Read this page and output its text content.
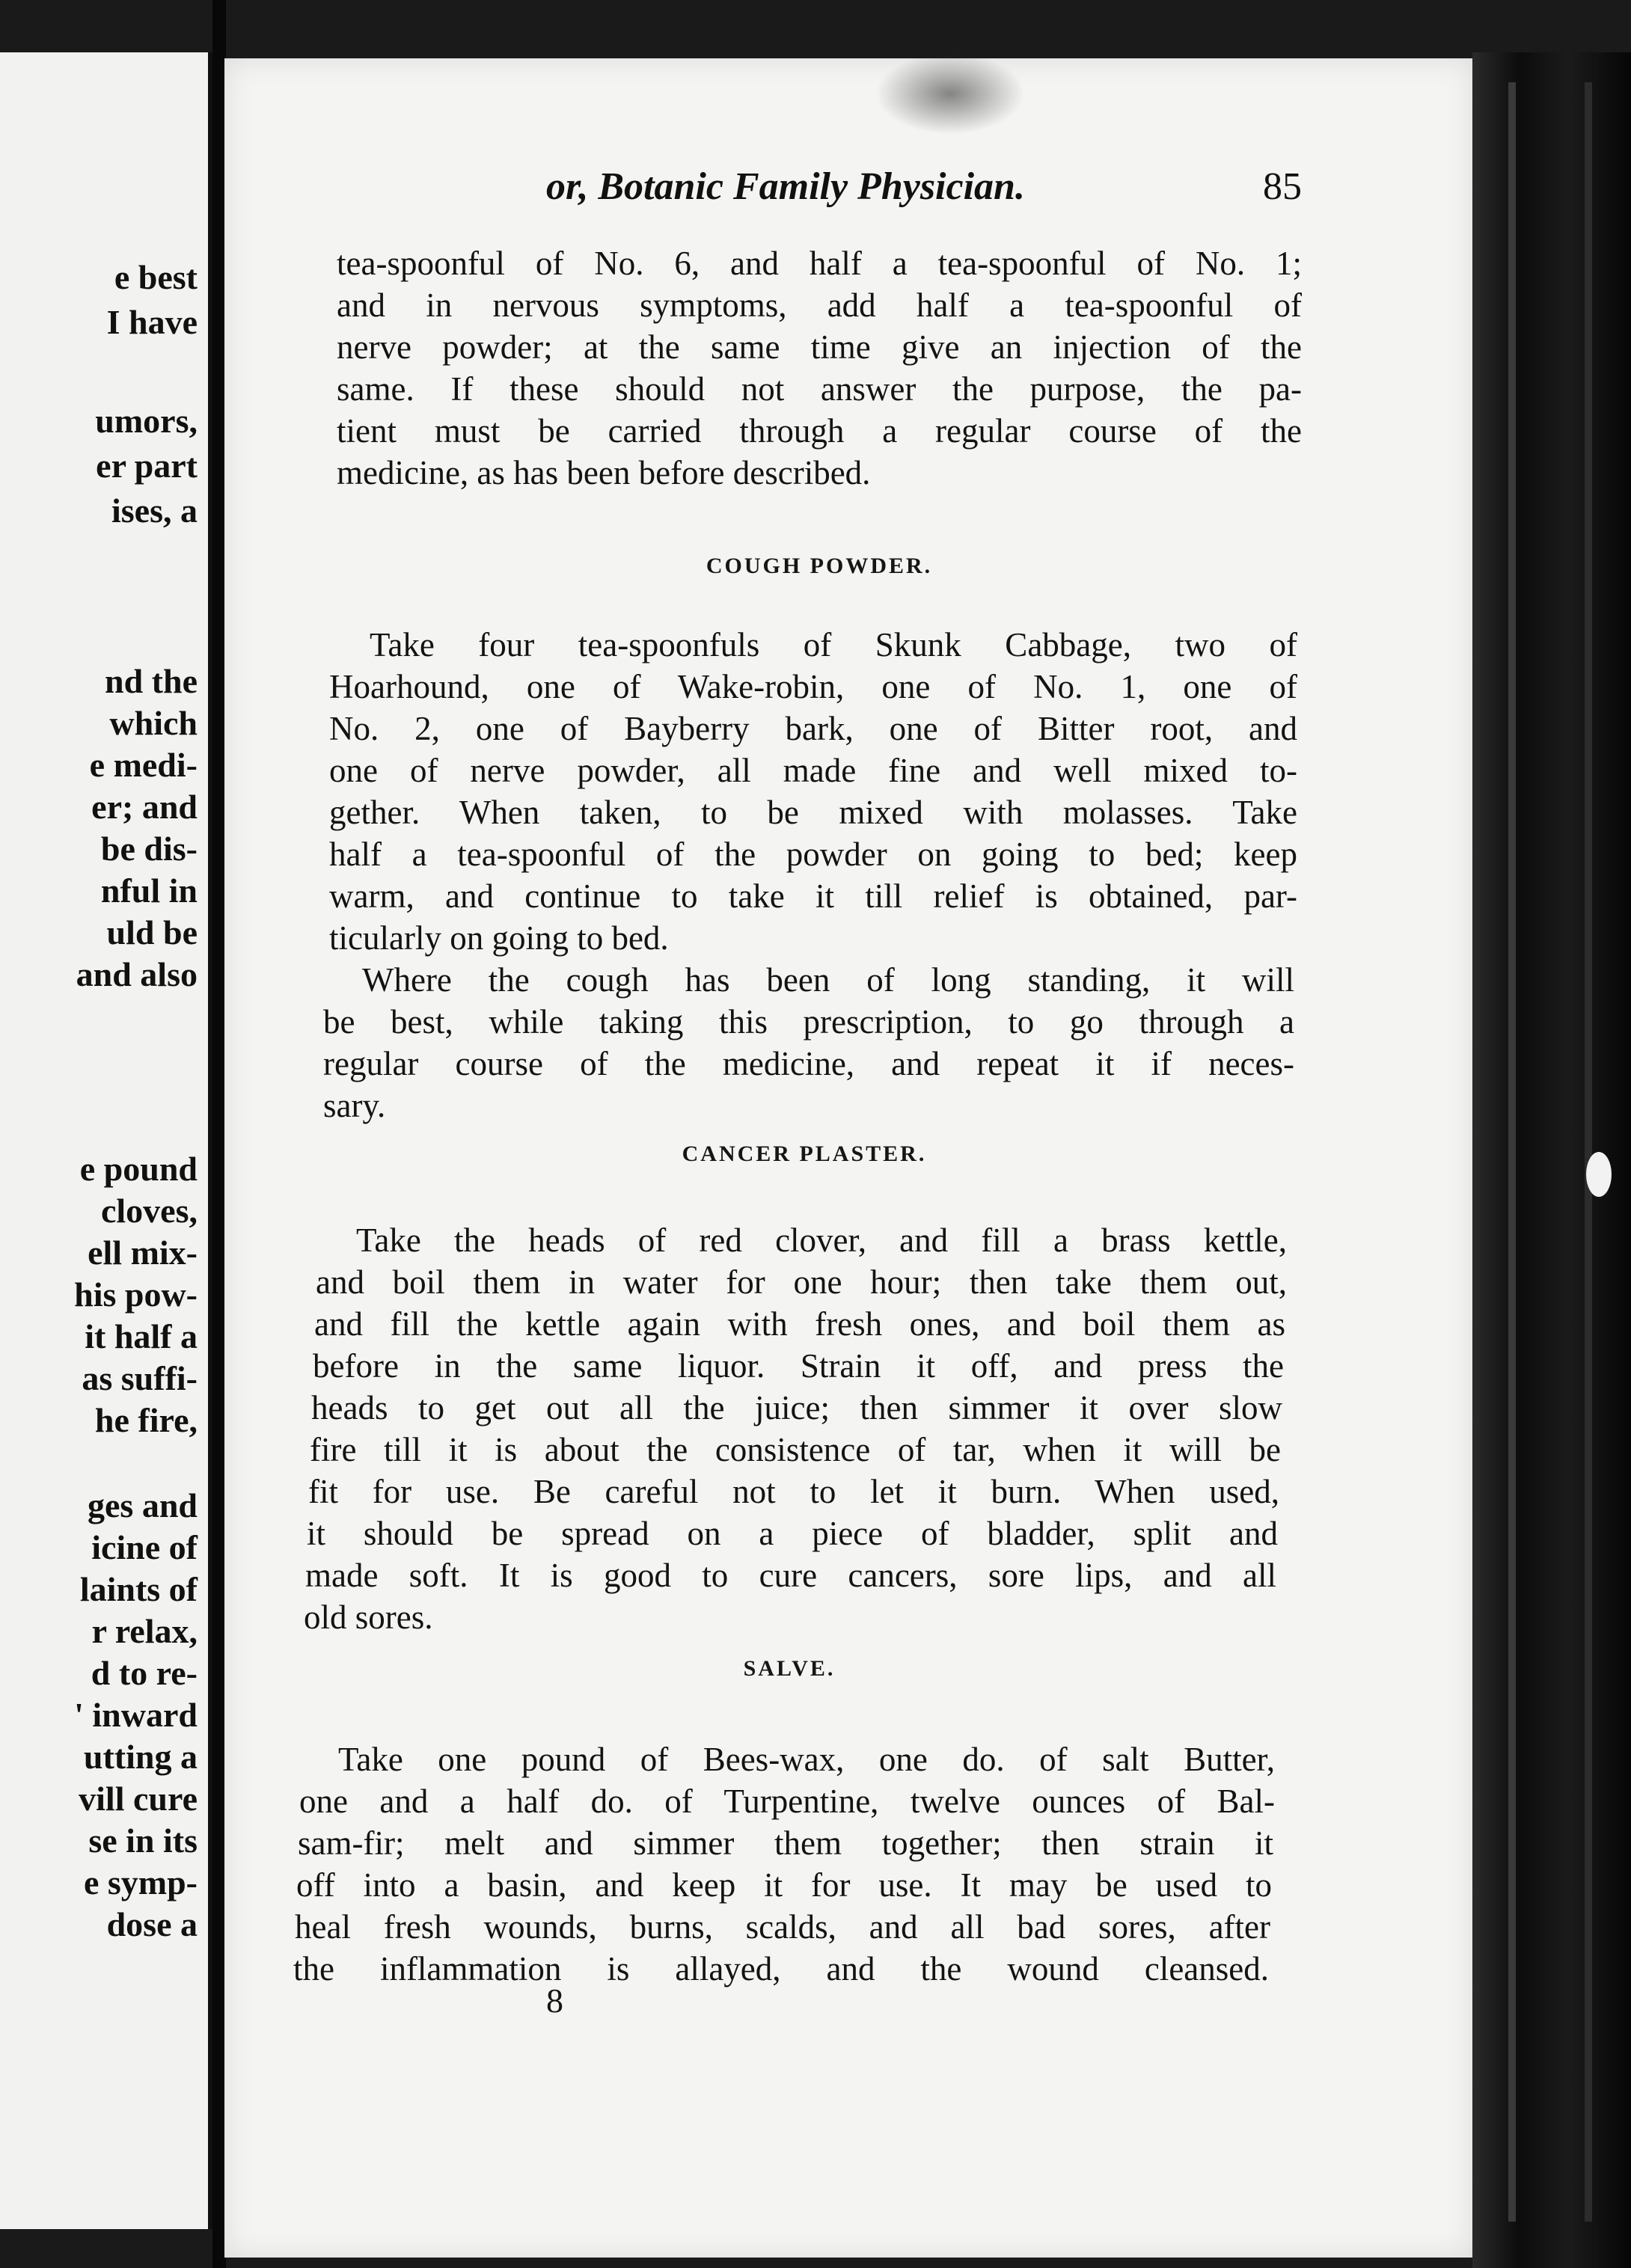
e best
I have
umors,
er part
ises, a
nd the
which
e medi-
er; and
be dis-
nful in
uld be
and also
e pound
cloves,
ell mix-
his pow-
it half a
as suffi-
he fire,
ges and
icine of
laints of
r relax,
d to re-
' inward
utting a
vill cure
se in its
e symp-
dose a
or, Botanic Family Physician.	85
tea-spoonful of No. 6, and half a tea-spoonful of No. 1;
and in nervous symptoms, add half a tea-spoonful of
nerve powder; at the same time give an injection of the
same. If these should not answer the purpose, the pa-
tient must be carried through a regular course of the
medicine, as has been before described.
COUGH POWDER.
Take four tea-spoonfuls of Skunk Cabbage, two of
Hoarhound, one of Wake-robin, one of No. 1, one of
No. 2, one of Bayberry bark, one of Bitter root, and
one of nerve powder, all made fine and well mixed to-
gether. When taken, to be mixed with molasses. Take
half a tea-spoonful of the powder on going to bed; keep
warm, and continue to take it till relief is obtained, par-
ticularly on going to bed.
Where the cough has been of long standing, it will
be best, while taking this prescription, to go through a
regular course of the medicine, and repeat it if neces-
sary.
CANCER PLASTER.
Take the heads of red clover, and fill a brass kettle,
and boil them in water for one hour; then take them out,
and fill the kettle again with fresh ones, and boil them as
before in the same liquor. Strain it off, and press the
heads to get out all the juice; then simmer it over slow
fire till it is about the consistence of tar, when it will be
fit for use. Be careful not to let it burn. When used,
it should be spread on a piece of bladder, split and
made soft. It is good to cure cancers, sore lips, and all
old sores.
SALVE.
Take one pound of Bees-wax, one do. of salt Butter,
one and a half do. of Turpentine, twelve ounces of Bal-
sam-fir; melt and simmer them together; then strain it
off into a basin, and keep it for use. It may be used to
heal fresh wounds, burns, scalds, and all bad sores, after
the inflammation is allayed, and the wound cleansed.
8
